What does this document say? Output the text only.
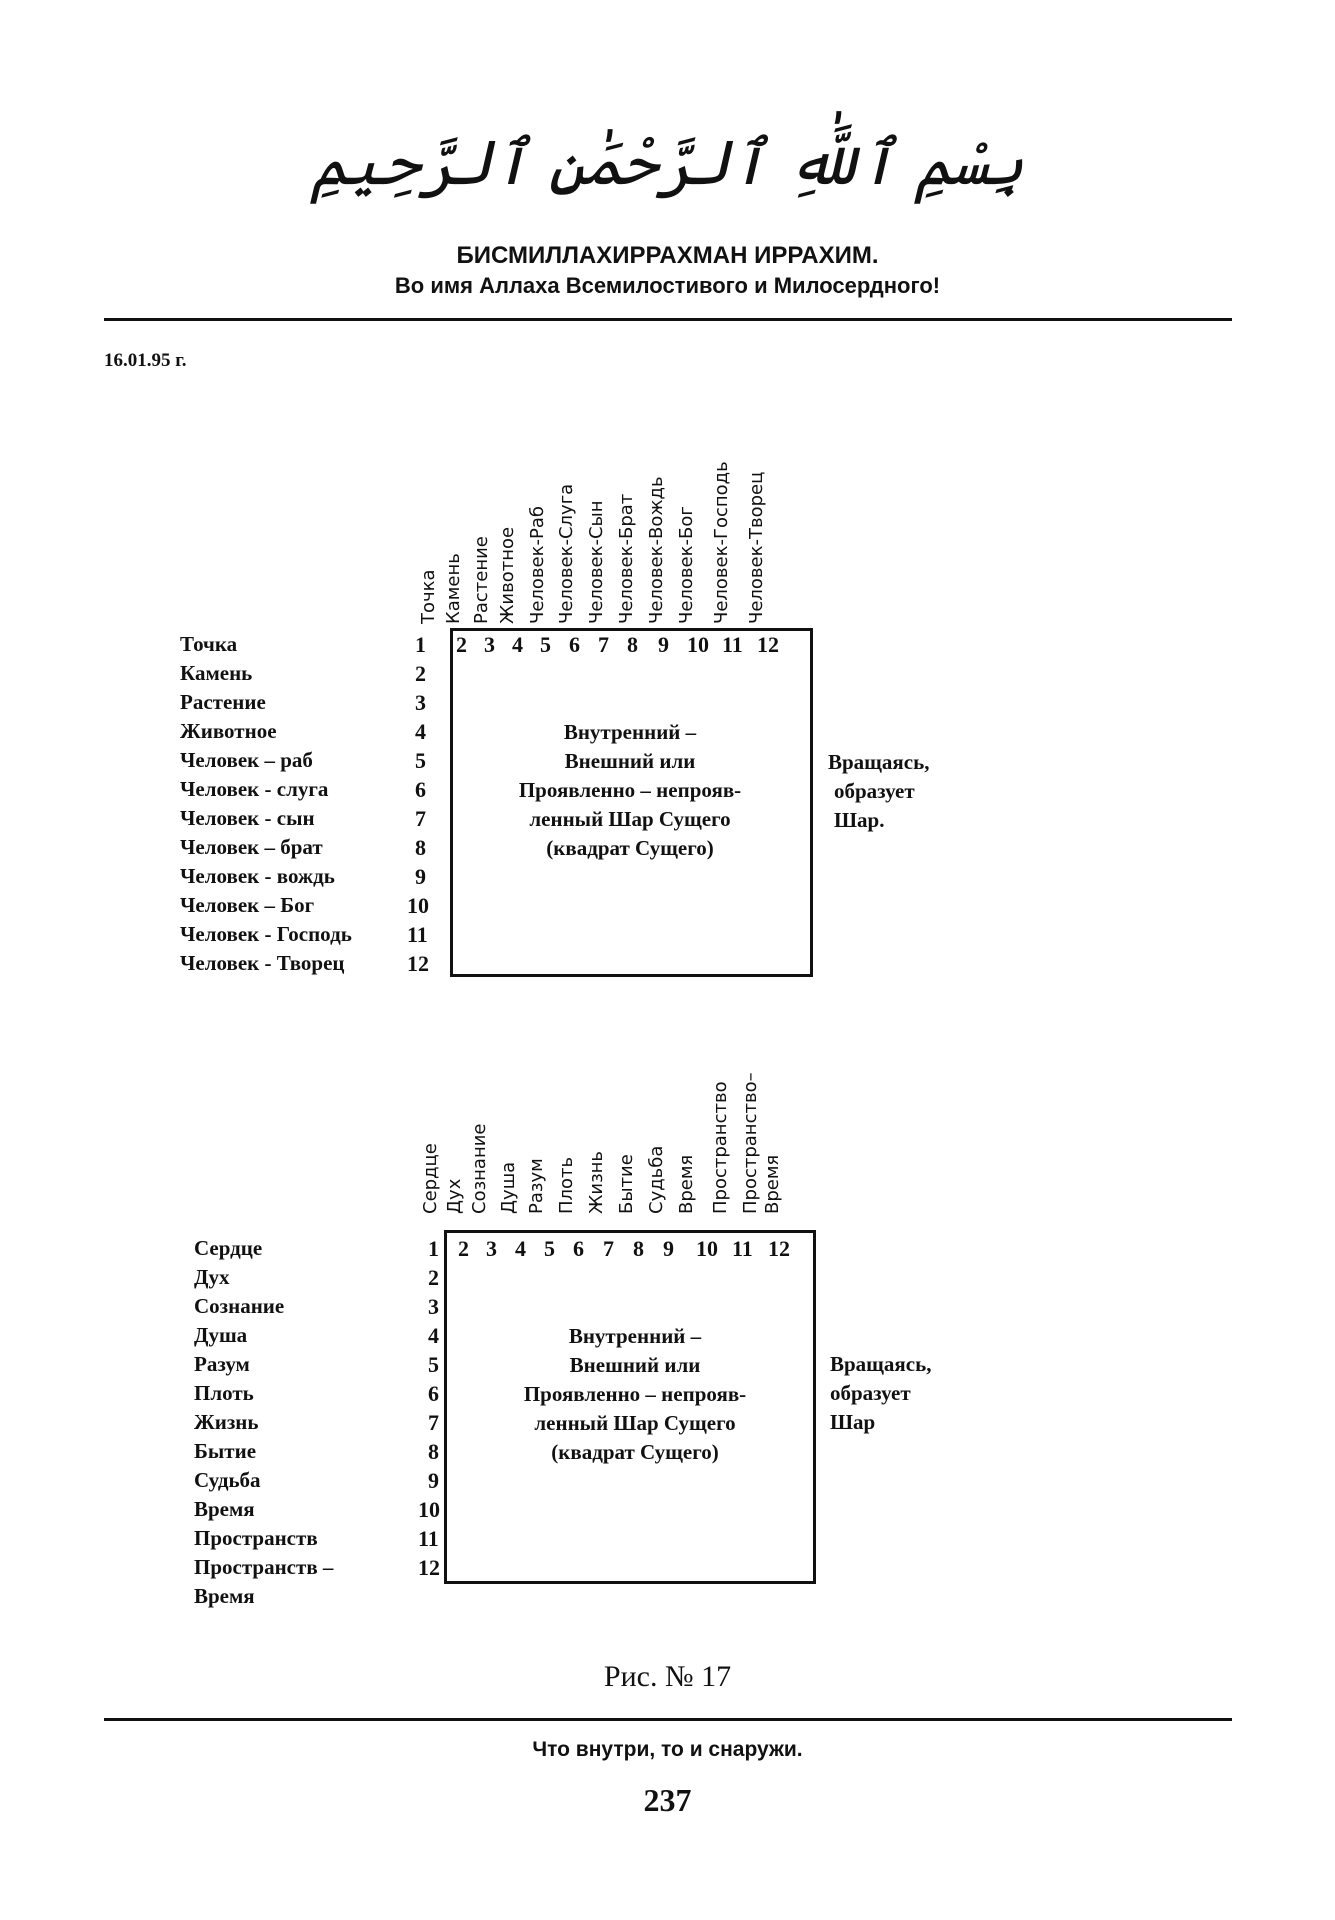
بِسْمِ ٱللَّٰهِ ٱلرَّحْمَٰنِ ٱلرَّحِيمِ
БИСМИЛЛАХИРРАХМАН ИРРАХИМ.
Во имя Аллаха Всемилостивого и Милосердного!
16.01.95 г.
Точка Камень Растение Животное Человек-Раб Человек-Слуга Человек-Сын Человек-Брат Человек-Вождь Человек-Бог Человек-Господь Человек-Творец
2 3 4 5 6 7 8 9 10 11 12
Точка
Камень
Растение
Животное
Человек – раб
Человек - слуга
Человек - сын
Человек – брат
Человек - вождь
Человек – Бог
Человек - Господь
Человек - Творец
1
2
3
4
5
6
7
8
9
10
11
12
Внутренний –
Внешний или
Проявленно – непрояв-
ленный Шар Сущего
(квадрат Сущего)
Вращаясь,
образует
Шар.
Сердце Дух Сознание Душа Разум Плоть Жизнь Бытие Судьба Время Пространство Пространство– Время
2 3 4 5 6 7 8 9 10 11 12
Сердце
Дух
Сознание
Душа
Разум
Плоть
Жизнь
Бытие
Судьба
Время
Пространств
Пространств –
Время
1
2
3
4
5
6
7
8
9
10
11
12
Внутренний –
Внешний или
Проявленно – непрояв-
ленный Шар Сущего
(квадрат Сущего)
Вращаясь,
образует
Шар
Рис. № 17
Что внутри, то и снаружи.
237
